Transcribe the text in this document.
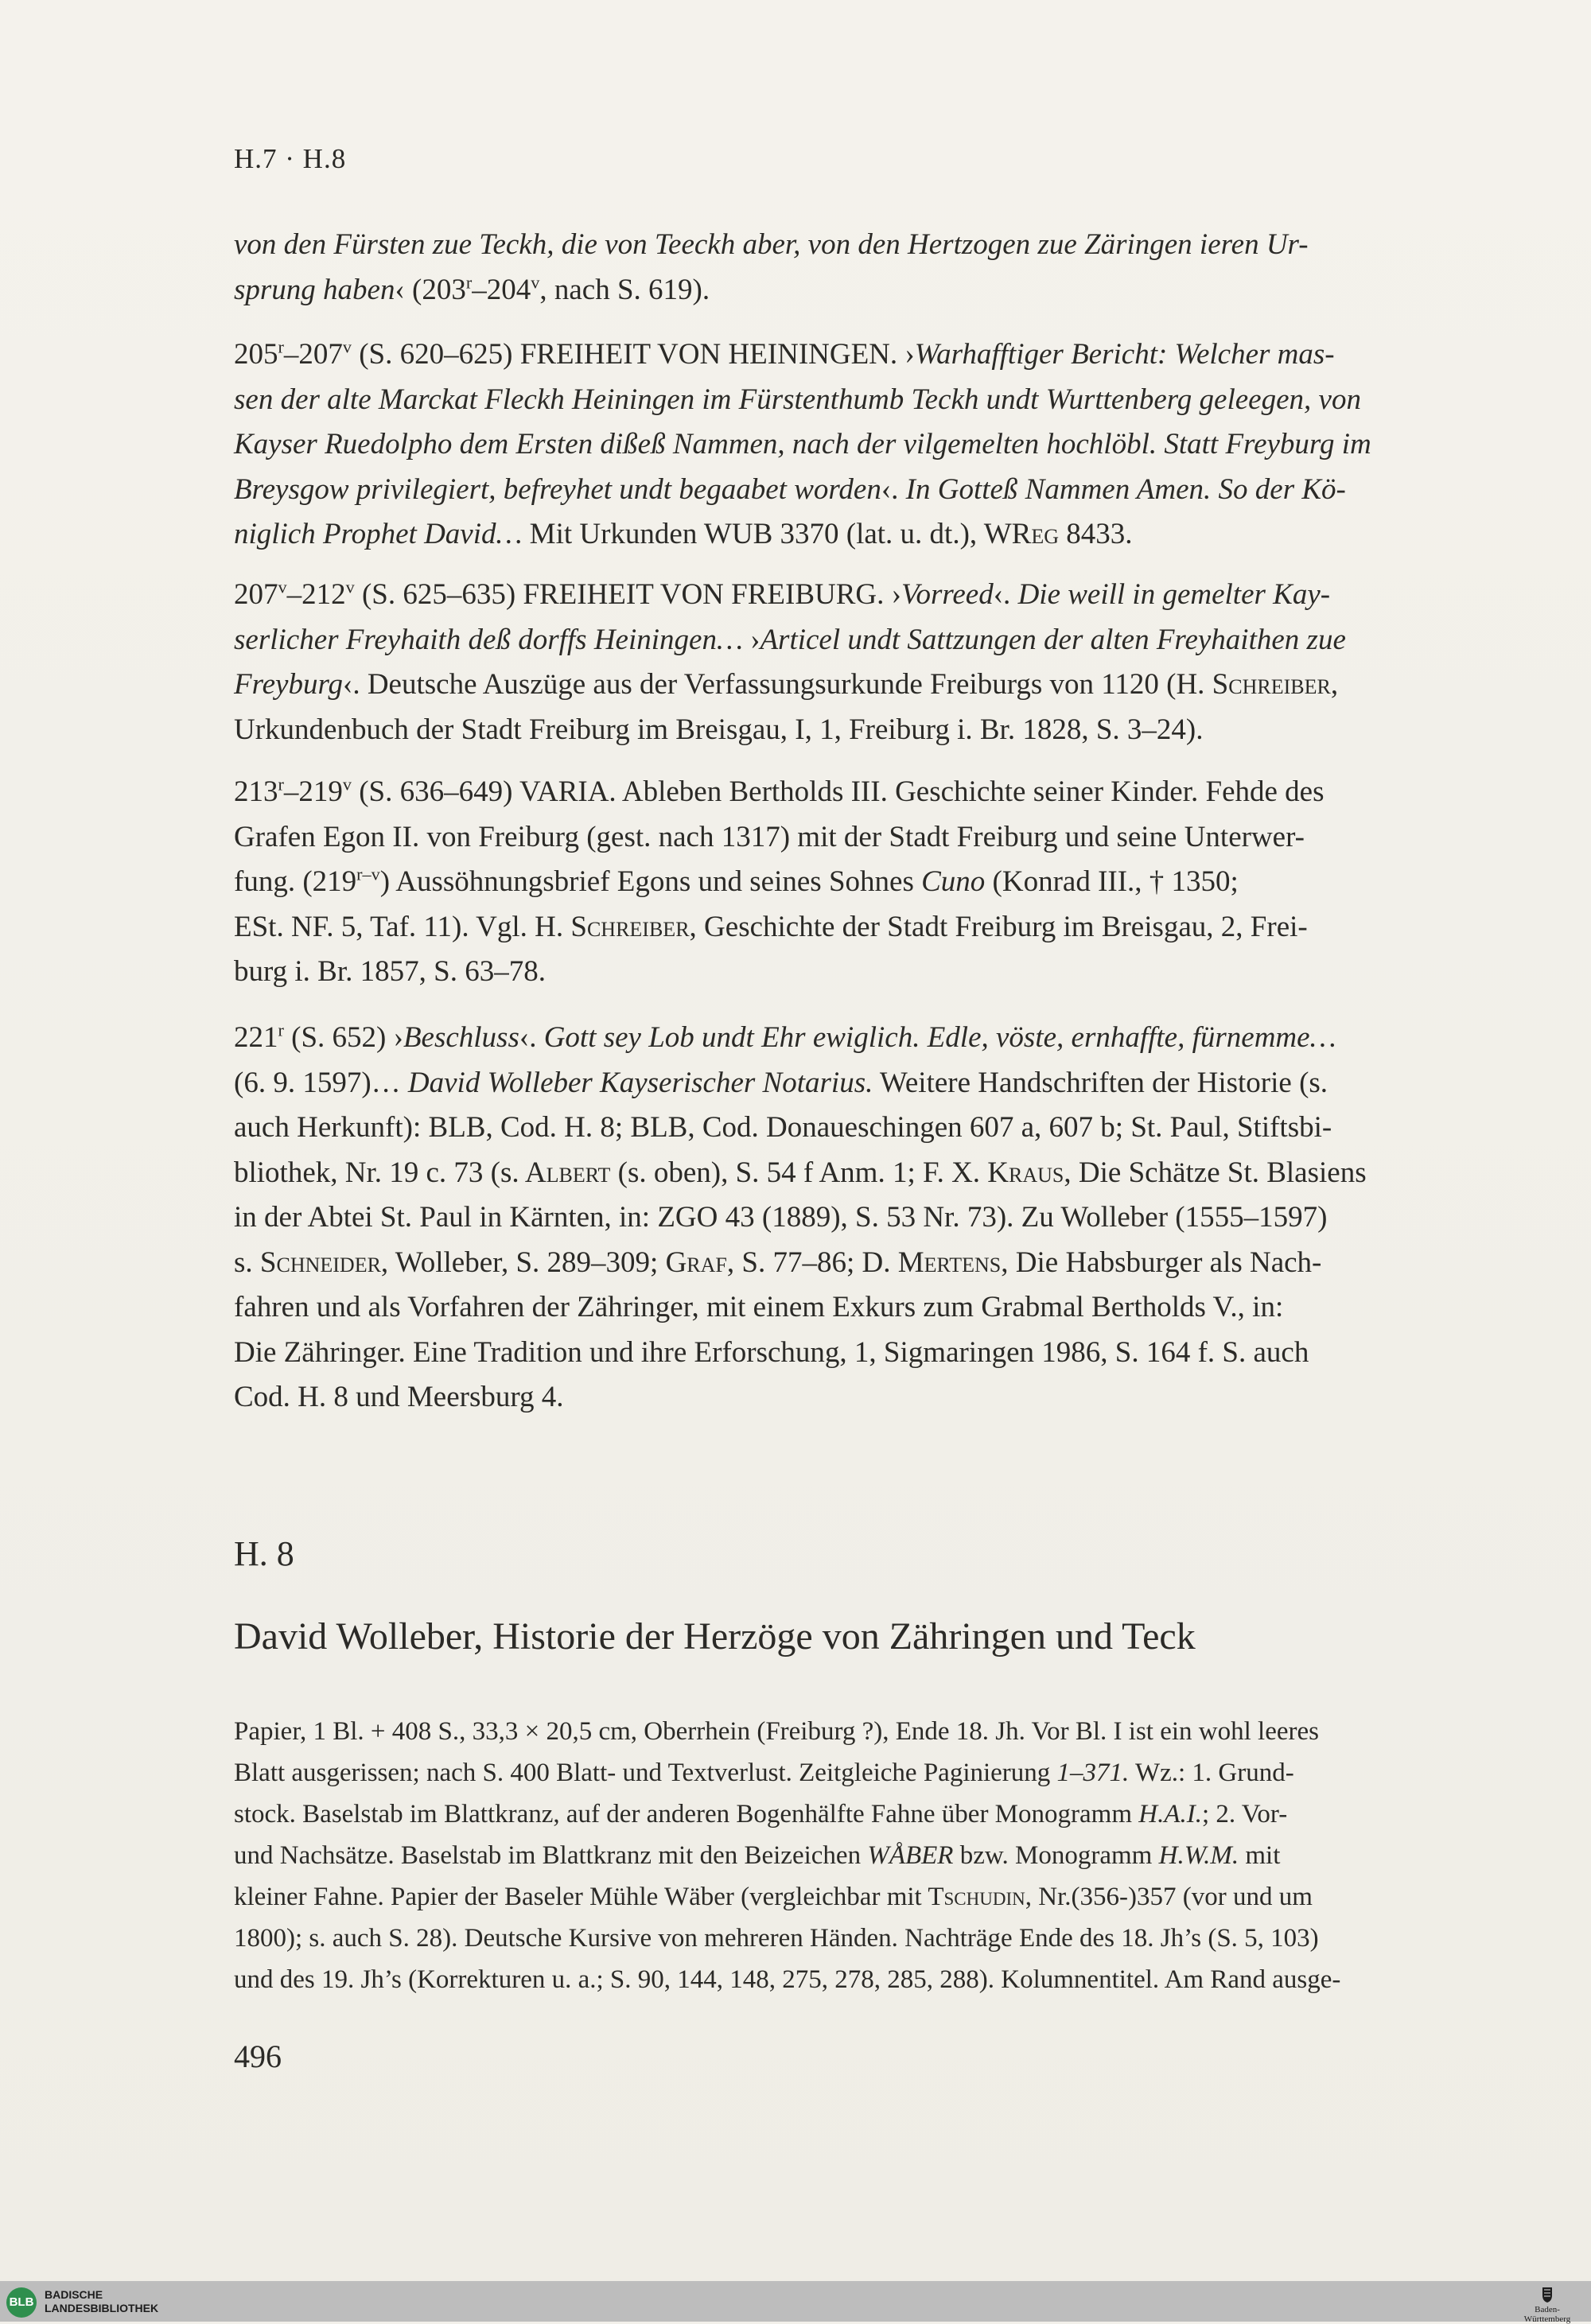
H.7 · H.8

von den Fürsten zue Teckh, die von Teeckh aber, von den Hertzogen zue Zäringen ieren Ur-
sprung haben‹ (203$^r$–204$^v$, nach S. 619).

205$^r$–207$^v$ (S. 620–625) FREIHEIT VON HEININGEN. ›Warhafftiger Bericht: Welcher mas-
sen der alte Marckat Fleckh Heiningen im Fürstenthumb Teckh undt Wurttenberg geleegen, von
Kayser Ruedolpho dem Ersten dißeß Nammen, nach der vilgemelten hochlöbl. Statt Freyburg im
Breysgow privilegiert, befreyhet undt begaabet worden‹. In Gotteß Nammen Amen. So der Kö-
niglich Prophet David… Mit Urkunden WUB 3370 (lat. u. dt.), WReg 8433.

207$^v$–212$^v$ (S. 625–635) FREIHEIT VON FREIBURG. ›Vorreed‹. Die weill in gemelter Kay-
serlicher Freyhaith deß dorffs Heiningen… ›Articel undt Sattzungen der alten Freyhaithen zue
Freyburg‹. Deutsche Auszüge aus der Verfassungsurkunde Freiburgs von 1120 (H. Schreiber,
Urkundenbuch der Stadt Freiburg im Breisgau, I, 1, Freiburg i. Br. 1828, S. 3–24).

213$^r$–219$^v$ (S. 636–649) VARIA. Ableben Bertholds III. Geschichte seiner Kinder. Fehde des
Grafen Egon II. von Freiburg (gest. nach 1317) mit der Stadt Freiburg und seine Unterwer-
fung. (219$^{r-v}$) Aussöhnungsbrief Egons und seines Sohnes Cuno (Konrad III., † 1350;
ESt. NF. 5, Taf. 11). Vgl. H. Schreiber, Geschichte der Stadt Freiburg im Breisgau, 2, Frei-
burg i. Br. 1857, S. 63–78.

221$^r$ (S. 652) ›Beschluss‹. Gott sey Lob undt Ehr ewiglich. Edle, vöste, ernhaffte, fürnemme…
(6. 9. 1597)… David Wolleber Kayserischer Notarius. Weitere Handschriften der Historie (s.
auch Herkunft): BLB, Cod. H. 8; BLB, Cod. Donaueschingen 607 a, 607 b; St. Paul, Stiftsbi-
bliothek, Nr. 19 c. 73 (s. Albert (s. oben), S. 54 f Anm. 1; F. X. Kraus, Die Schätze St. Blasiens
in der Abtei St. Paul in Kärnten, in: ZGO 43 (1889), S. 53 Nr. 73). Zu Wolleber (1555–1597)
s. Schneider, Wolleber, S. 289–309; Graf, S. 77–86; D. Mertens, Die Habsburger als Nach-
fahren und als Vorfahren der Zähringer, mit einem Exkurs zum Grabmal Bertholds V., in:
Die Zähringer. Eine Tradition und ihre Erforschung, 1, Sigmaringen 1986, S. 164 f. S. auch
Cod. H. 8 und Meersburg 4.

H. 8
David Wolleber, Historie der Herzöge von Zähringen und Teck

Papier, 1 Bl. + 408 S., 33,3 × 20,5 cm, Oberrhein (Freiburg ?), Ende 18. Jh. Vor Bl. I ist ein wohl leeres
Blatt ausgerissen; nach S. 400 Blatt- und Textverlust. Zeitgleiche Paginierung 1–371. Wz.: 1. Grund-
stock. Baselstab im Blattkranz, auf der anderen Bogenhälfte Fahne über Monogramm H.A.I.; 2. Vor-
und Nachsätze. Baselstab im Blattkranz mit den Beizeichen WÅBER bzw. Monogramm H.W.M. mit
kleiner Fahne. Papier der Baseler Mühle Wäber (vergleichbar mit Tschudin, Nr.(356-)357 (vor und um
1800); s. auch S. 28). Deutsche Kursive von mehreren Händen. Nachträge Ende des 18. Jh’s (S. 5, 103)
und des 19. Jh’s (Korrekturen u. a.; S. 90, 144, 148, 275, 278, 285, 288). Kolumnentitel. Am Rand ausge-

496
BLB
BADISCHE
LANDESBIBLIOTHEK	Baden-Württemberg
